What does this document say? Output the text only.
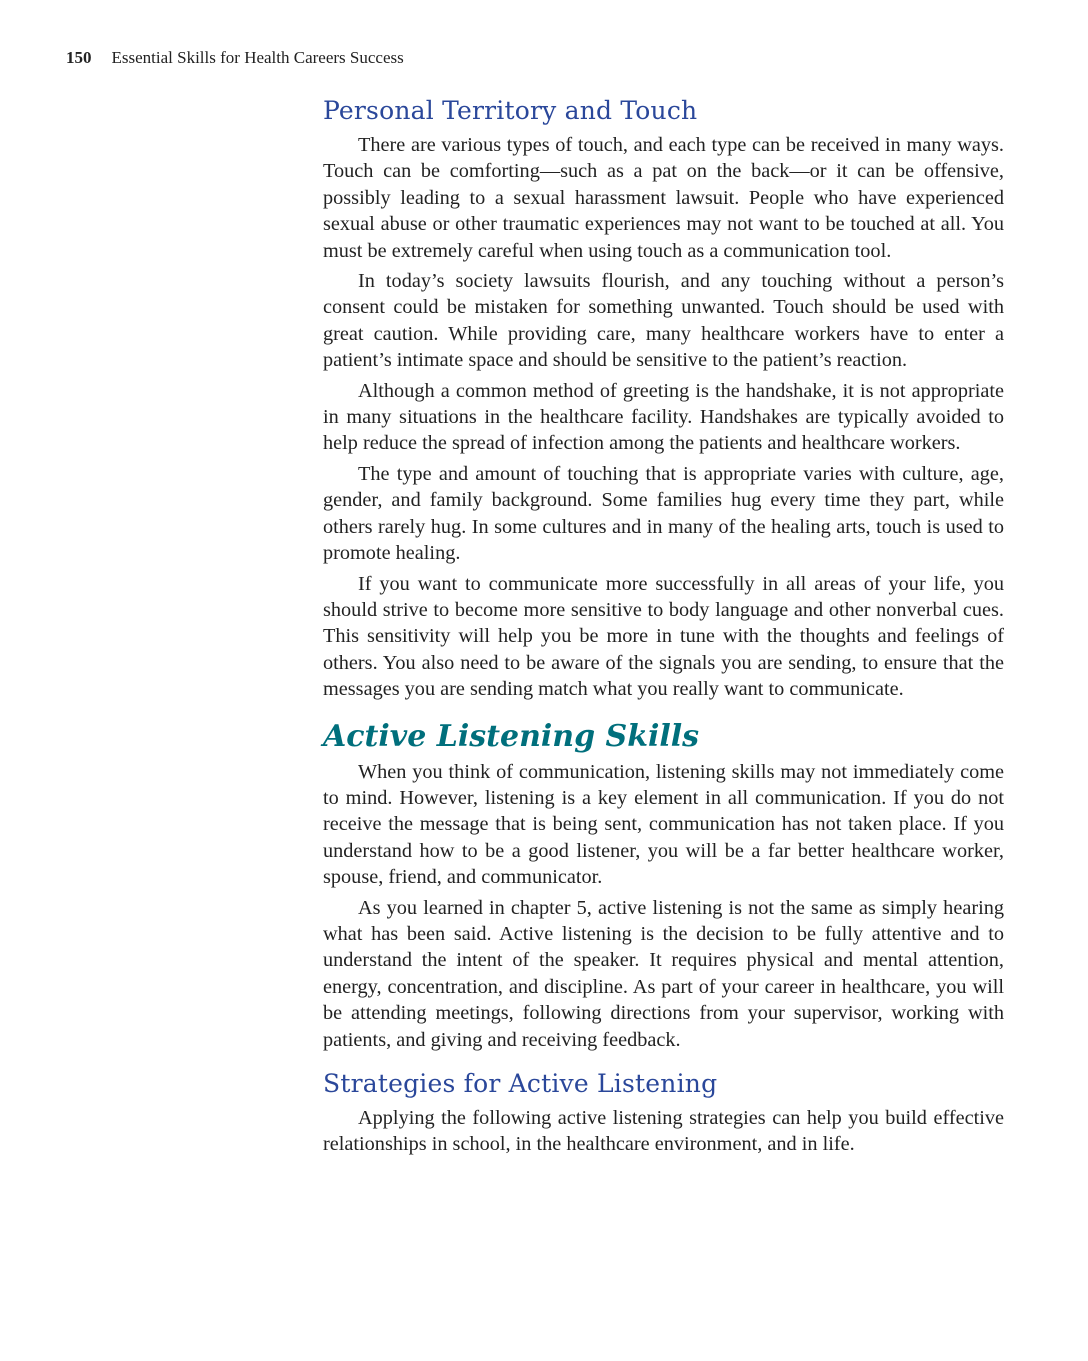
150 Essential Skills for Health Careers Success
Personal Territory and Touch

There are various types of touch, and each type can be received in many ways. Touch can be comforting—such as a pat on the back—or it can be offensive, possibly leading to a sexual harassment lawsuit. People who have experienced sexual abuse or other traumatic experiences may not want to be touched at all. You must be extremely careful when using touch as a communication tool.

In today’s society lawsuits flourish, and any touching without a person’s consent could be mistaken for something unwanted. Touch should be used with great caution. While providing care, many healthcare workers have to enter a patient’s intimate space and should be sensitive to the patient’s reaction.

Although a common method of greeting is the handshake, it is not appropriate in many situations in the healthcare facility. Handshakes are typically avoided to help reduce the spread of infection among the patients and healthcare workers.

The type and amount of touching that is appropriate varies with culture, age, gender, and family background. Some families hug every time they part, while others rarely hug. In some cultures and in many of the healing arts, touch is used to promote healing.

If you want to communicate more successfully in all areas of your life, you should strive to become more sensitive to body language and other nonverbal cues. This sensitivity will help you be more in tune with the thoughts and feelings of others. You also need to be aware of the signals you are sending, to ensure that the messages you are sending match what you really want to communicate.

Active Listening Skills

When you think of communication, listening skills may not immediately come to mind. However, listening is a key element in all communication. If you do not receive the message that is being sent, communication has not taken place. If you understand how to be a good listener, you will be a far better healthcare worker, spouse, friend, and communicator.

As you learned in chapter 5, active listening is not the same as simply hearing what has been said. Active listening is the decision to be fully attentive and to understand the intent of the speaker. It requires physical and mental attention, energy, concentration, and discipline. As part of your career in healthcare, you will be attending meetings, following directions from your supervisor, working with patients, and giving and receiving feedback.

Strategies for Active Listening

Applying the following active listening strategies can help you build effective relationships in school, in the healthcare environment, and in life.
